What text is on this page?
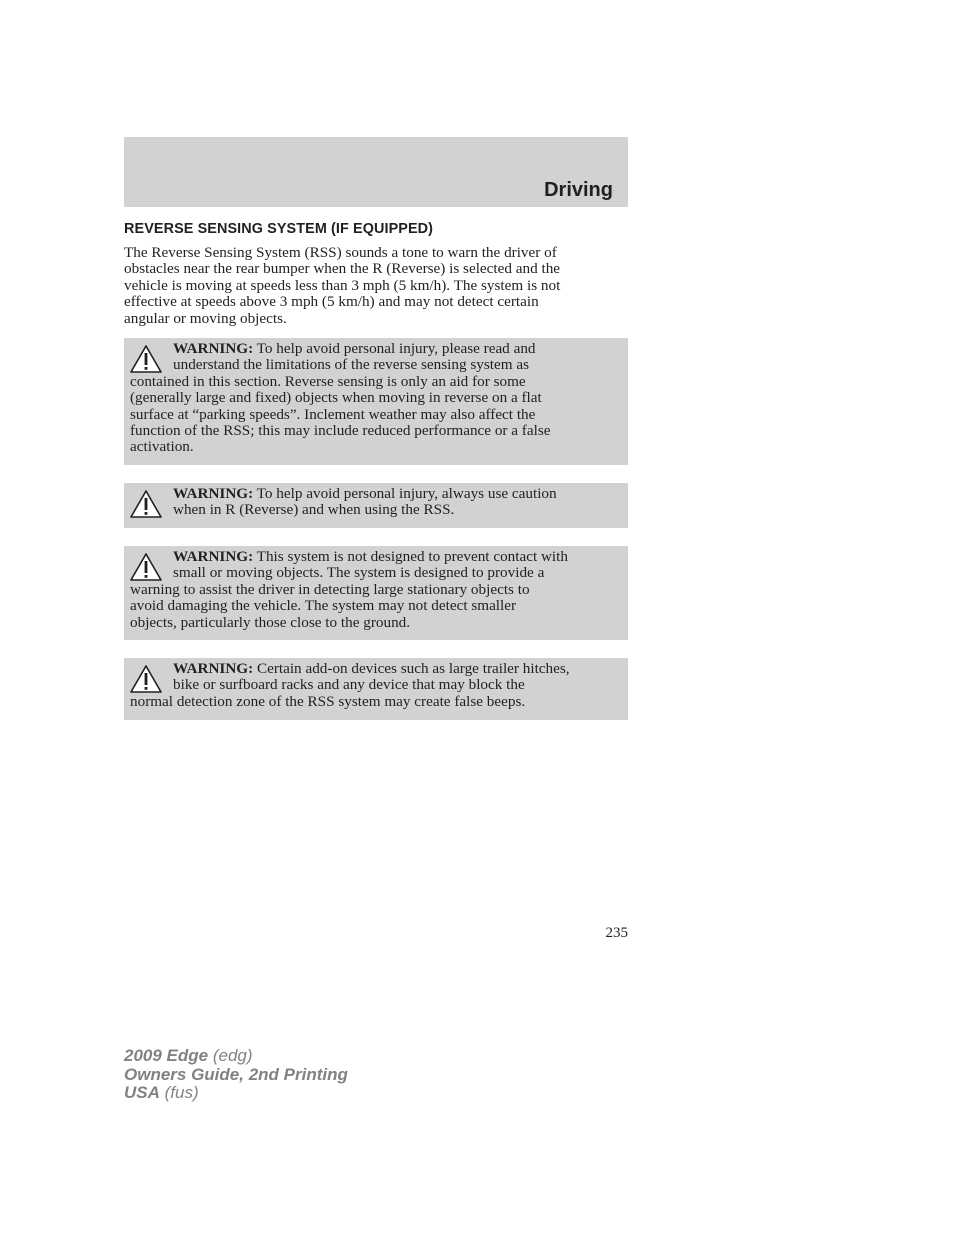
Driving
REVERSE SENSING SYSTEM (IF EQUIPPED)
The Reverse Sensing System (RSS) sounds a tone to warn the driver of
obstacles near the rear bumper when the R (Reverse) is selected and the
vehicle is moving at speeds less than 3 mph (5 km/h). The system is not
effective at speeds above 3 mph (5 km/h) and may not detect certain
angular or moving objects.
WARNING: To help avoid personal injury, please read and
understand the limitations of the reverse sensing system as
contained in this section. Reverse sensing is only an aid for some
(generally large and fixed) objects when moving in reverse on a flat
surface at “parking speeds”. Inclement weather may also affect the
function of the RSS; this may include reduced performance or a false
activation.
WARNING: To help avoid personal injury, always use caution
when in R (Reverse) and when using the RSS.
WARNING: This system is not designed to prevent contact with
small or moving objects. The system is designed to provide a
warning to assist the driver in detecting large stationary objects to
avoid damaging the vehicle. The system may not detect smaller
objects, particularly those close to the ground.
WARNING: Certain add-on devices such as large trailer hitches,
bike or surfboard racks and any device that may block the
normal detection zone of the RSS system may create false beeps.
235
2009 Edge (edg)
Owners Guide, 2nd Printing
USA (fus)
